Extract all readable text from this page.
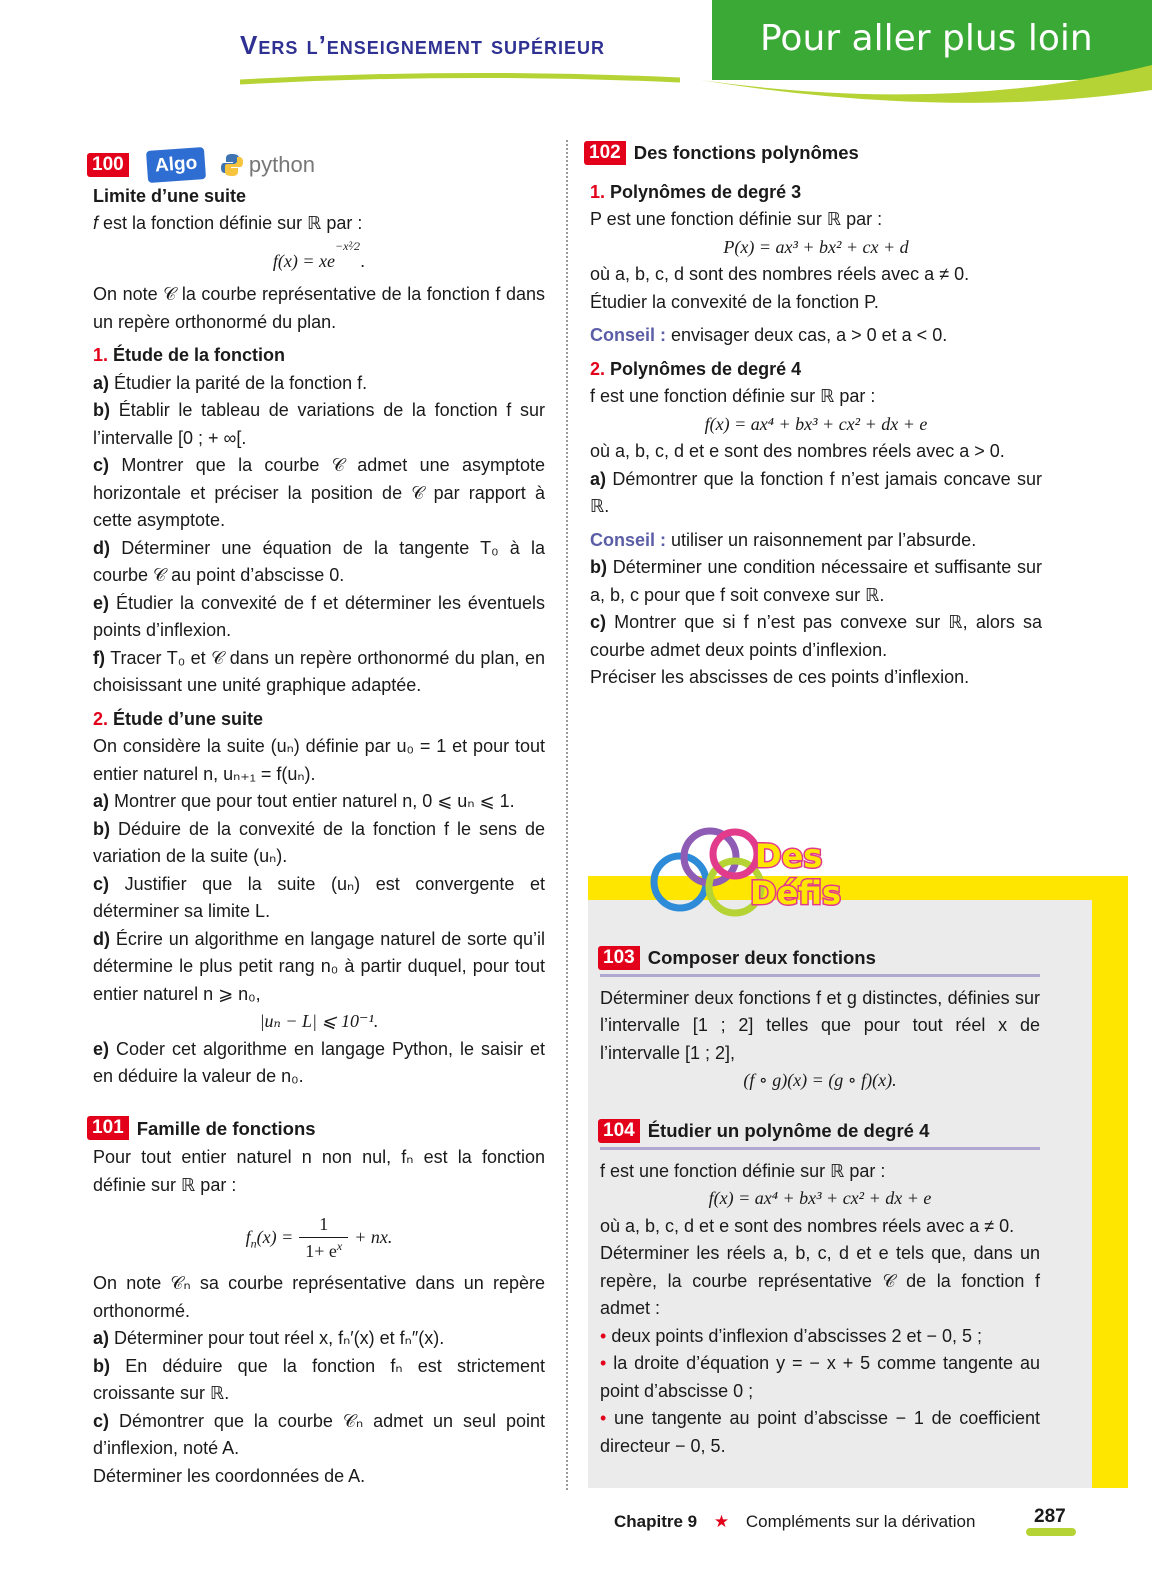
Vers l’enseignement supérieur	Pour aller plus loin
100	Algo	python

Limite d’une suite

f est la fonction définie sur ℝ par :

$f(x) = xe^{-x^2⁄2}$.

On note 𝒞 la courbe représentative de la fonction f dans un repère orthonormé du plan.

1. Étude de la fonction

a) Étudier la parité de la fonction f.

b) Établir le tableau de variations de la fonction f sur l’intervalle [0 ; + ∞[.

c) Montrer que la courbe 𝒞 admet une asymptote horizontale et préciser la position de 𝒞 par rapport à cette asymptote.

d) Déterminer une équation de la tangente T₀ à la courbe 𝒞 au point d’abscisse 0.

e) Étudier la convexité de f et déterminer les éventuels points d’inflexion.

f) Tracer T₀ et 𝒞 dans un repère orthonormé du plan, en choisissant une unité graphique adaptée.

2. Étude d’une suite

On considère la suite (uₙ) définie par u₀ = 1 et pour tout entier naturel n, uₙ₊₁ = f(uₙ).

a) Montrer que pour tout entier naturel n, 0 ⩽ uₙ ⩽ 1.

b) Déduire de la convexité de la fonction f le sens de variation de la suite (uₙ).

c) Justifier que la suite (uₙ) est convergente et déterminer sa limite L.

d) Écrire un algorithme en langage naturel de sorte qu’il détermine le plus petit rang n₀ à partir duquel, pour tout entier naturel n ⩾ n₀,

|uₙ − L| ⩽ 10⁻¹.

e) Coder cet algorithme en langage Python, le saisir et en déduire la valeur de n₀.

101 Famille de fonctions

Pour tout entier naturel n non nul, fₙ est la fonction définie sur ℝ par :

$f_n(x) = \frac{1}{1+ e^x}$ + nx.

On note 𝒞ₙ sa courbe représentative dans un repère orthonormé.

a) Déterminer pour tout réel x, fₙ′(x) et fₙ″(x).

b) En déduire que la fonction fₙ est strictement croissante sur ℝ.

c) Démontrer que la courbe 𝒞ₙ admet un seul point d’inflexion, noté A.

Déterminer les coordonnées de A.

102 Des fonctions polynômes

1. Polynômes de degré 3

P est une fonction définie sur ℝ par :

P(x) = ax³ + bx² + cx + d

où a, b, c, d sont des nombres réels avec a ≠ 0.

Étudier la convexité de la fonction P.

Conseil : envisager deux cas, a > 0 et a < 0.

2. Polynômes de degré 4

f est une fonction définie sur ℝ par :

f(x) = ax⁴ + bx³ + cx² + dx + e

où a, b, c, d et e sont des nombres réels avec a > 0.

a) Démontrer que la fonction f n’est jamais concave sur ℝ.

Conseil : utiliser un raisonnement par l’absurde.

b) Déterminer une condition nécessaire et suffisante sur a, b, c pour que f soit convexe sur ℝ.

c) Montrer que si f n’est pas convexe sur ℝ, alors sa courbe admet deux points d’inflexion.

Préciser les abscisses de ces points d’inflexion.

Des
Défis
103 Composer deux fonctions

Déterminer deux fonctions f et g distinctes, définies sur l’intervalle [1 ; 2] telles que pour tout réel x de l’intervalle [1 ; 2],

(f ∘ g)(x) = (g ∘ f)(x).

104 Étudier un polynôme de degré 4

f est une fonction définie sur ℝ par :

f(x) = ax⁴ + bx³ + cx² + dx + e

où a, b, c, d et e sont des nombres réels avec a ≠ 0.

Déterminer les réels a, b, c, d et e tels que, dans un repère, la courbe représentative 𝒞 de la fonction f admet :

• deux points d’inflexion d’abscisses 2 et − 0, 5 ;

• la droite d’équation y = − x + 5 comme tangente au point d’abscisse 0 ;

• une tangente au point d’abscisse − 1 de coefficient directeur − 0, 5.

Chapitre 9 ★ Compléments sur la dérivation	287
